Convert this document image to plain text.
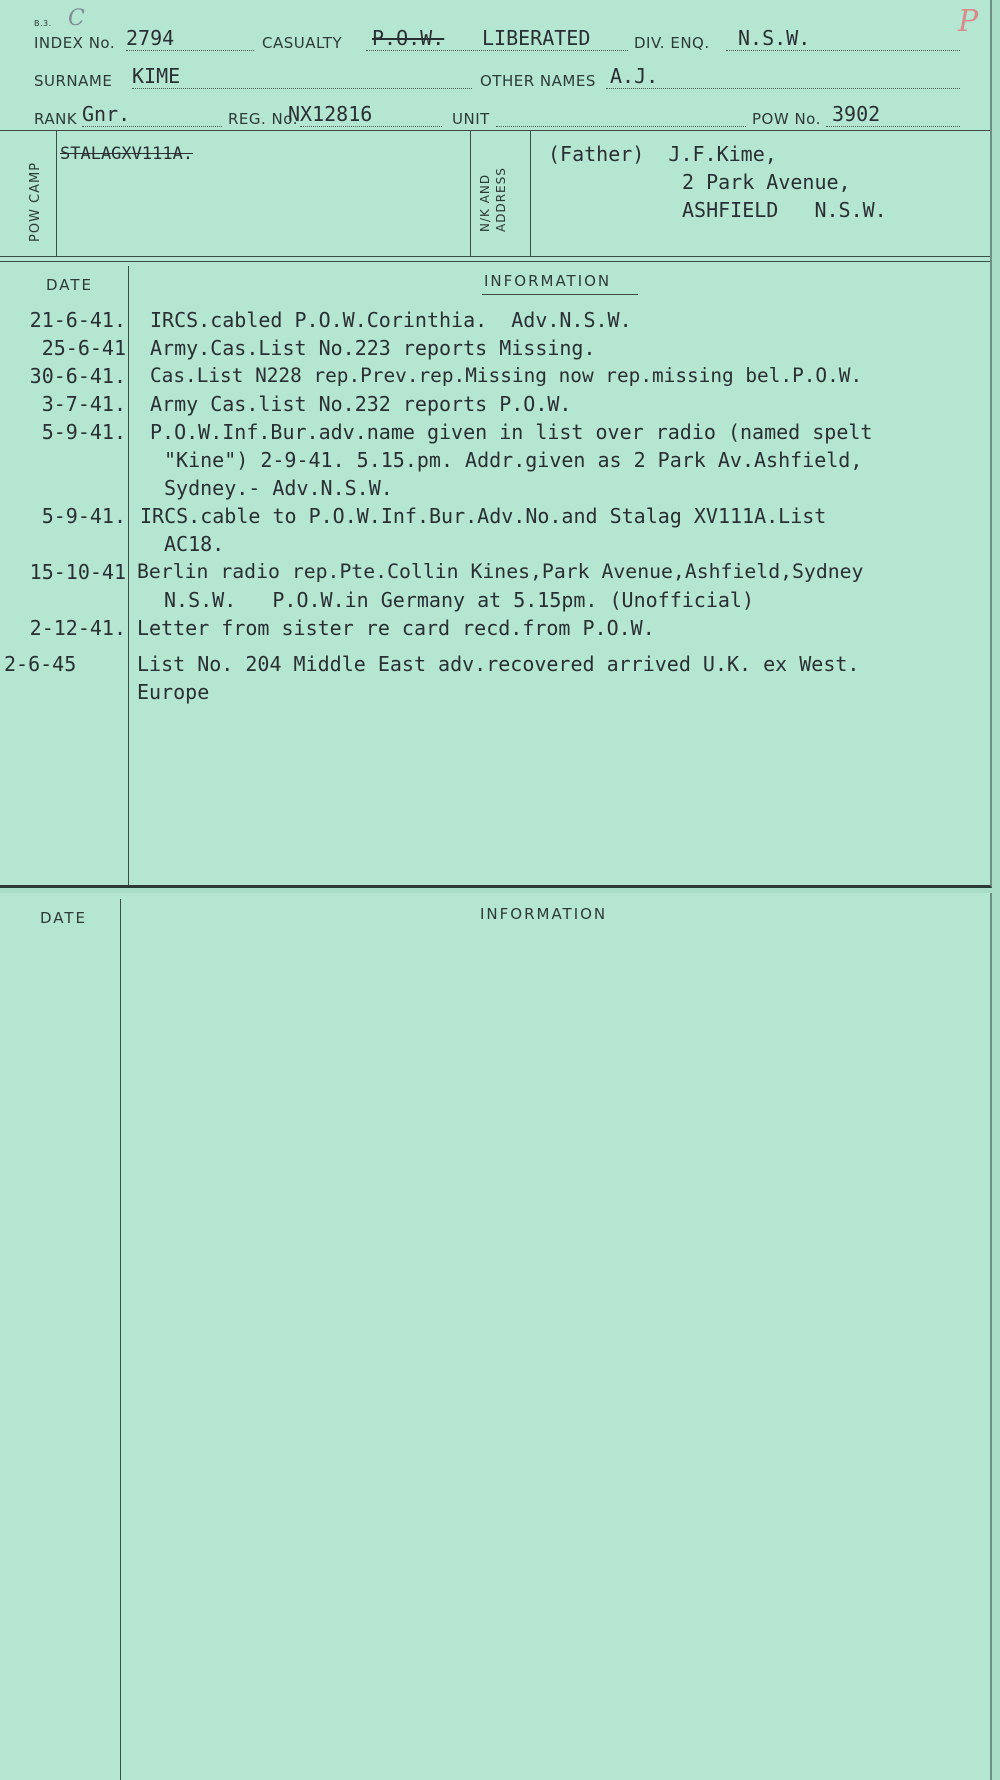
B.3. C	P
INDEX No. 2794	CASUALTY P.O.W. LIBERATED	DIV. ENQ. N.S.W.
SURNAME KIME	OTHER NAMES A.J.
RANK Gnr.	REG. No.
NX12816	UNIT	POW No. 3902
POW CAMP
STALAGXV111A.
N/K AND ADDRESS
(Father)  J.F.Kime,
2 Park Avenue,
ASHFIELD   N.S.W.
DATE	INFORMATION
21-6-41. IRCS.cabled P.O.W.Corinthia.  Adv.N.S.W.
25-6-41 Army.Cas.List No.223 reports Missing.
30-6-41. Cas.List N228 rep.Prev.rep.Missing now rep.missing bel.P.O.W.
3-7-41. Army Cas.list No.232 reports P.O.W.
5-9-41. P.O.W.Inf.Bur.adv.name given in list over radio (named spelt
"Kine") 2-9-41. 5.15.pm. Addr.given as 2 Park Av.Ashfield,
Sydney.- Adv.N.S.W.
5-9-41. IRCS.cable to P.O.W.Inf.Bur.Adv.No.and Stalag XV111A.List
AC18.
15-10-41 Berlin radio rep.Pte.Collin Kines,Park Avenue,Ashfield,Sydney
N.S.W.   P.O.W.in Germany at 5.15pm. (Unofficial)
2-12-41. Letter from sister re card recd.from P.O.W.
2-6-45	List No. 204 Middle East adv.recovered arrived U.K. ex West.
Europe
DATE	INFORMATION
